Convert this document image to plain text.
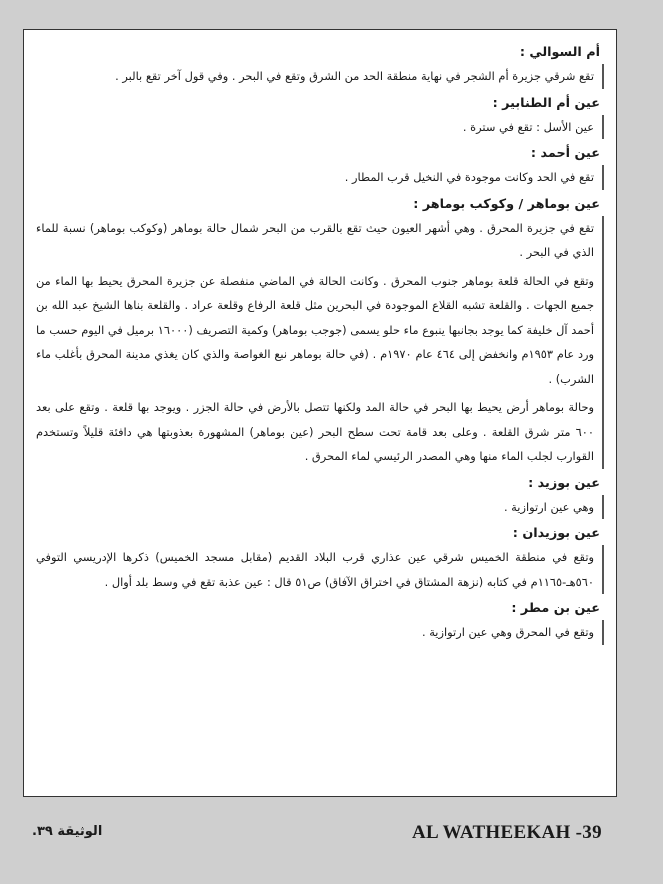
أم السوالي :

تقع شرقي جزيرة أم الشجر في نهاية منطقة الحد من الشرق وتقع في البحر . وفي قول آخر تقع بالبر .

عين أم الطنابير :

عين الأسل : تقع في سترة .

عين أحمد :

تقع في الحد وكانت موجودة في النخيل قرب المطار .

عين بوماهر / وكوكب بوماهر :

تقع في جزيرة المحرق . وهي أشهر العيون حيث تقع بالقرب من البحر شمال حالة بوماهر (وكوكب بوماهر) نسبة للماء الذي في البحر .

وتقع في الحالة قلعة بوماهر جنوب المحرق . وكانت الحالة في الماضي منفصلة عن جزيرة المحرق يحيط بها الماء من جميع الجهات . والقلعة تشبه القلاع الموجودة في البحرين مثل قلعة الرفاع وقلعة عراد . والقلعة بناها الشيخ عبد الله بن أحمد آل خليفة كما يوجد بجانبها ينبوع ماء حلو يسمى (جوجب بوماهر) وكمية التصريف (١٦٠٠٠ برميل في اليوم حسب ما ورد عام ١٩٥٣م وانخفض إلى ٤٦٤ عام ١٩٧٠م . (في حالة بوماهر نبع الغواصة والذي كان يغذي مدينة المحرق بأغلب ماء الشرب) .

وحالة بوماهر أرض يحيط بها البحر في حالة المد ولكنها تتصل بالأرض في حالة الجزر . ويوجد بها قلعة . وتقع على بعد ٦٠٠ متر شرق القلعة . وعلى بعد قامة تحت سطح البحر (عين بوماهر) المشهورة بعذوبتها هي دافئة قليلاً وتستخدم القوارب لجلب الماء منها وهي المصدر الرئيسي لماء المحرق .

عين بوزيد :

وهي عين ارتوازية .

عين بوزيدان :

وتقع في منطقة الخميس شرقي عين عذاري قرب البلاد القديم (مقابل مسجد الخميس) ذكرها الإدريسي التوفي ٥٦٠هـ-١١٦٥م في كتابه (نزهة المشتاق في اختراق الآفاق) ص٥١ قال : عين عذبة تقع في وسط بلد أوال .

عين بن مطر :

وتقع في المحرق وهي عين ارتوازية .

AL WATHEEKAH -39
الوثيقة ٣٩.
